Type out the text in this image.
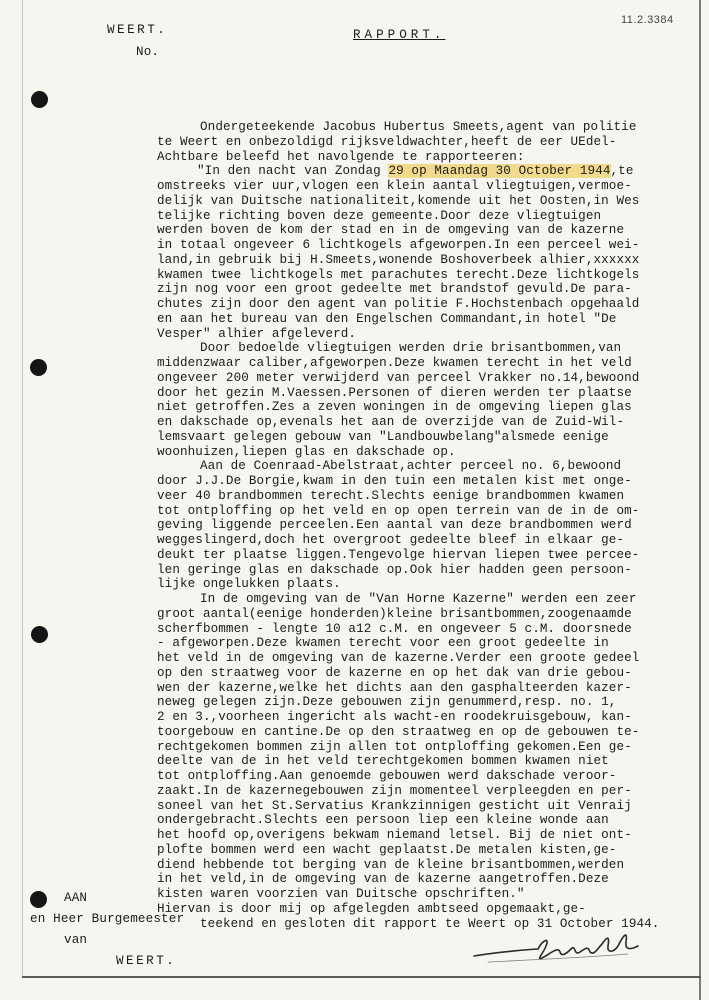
WEERT.
No.
RAPPORT.
11.2.3384
Ondergeteekende Jacobus Hubertus Smeets,agent van politie
te Weert en onbezoldigd rijksveldwachter,heeft de eer UEdel-
Achtbare beleefd het navolgende te rapporteeren:
"In den nacht van Zondag 29 op Maandag 30 October 1944,te
omstreeks vier uur,vlogen een klein aantal vliegtuigen,vermoe-
delijk van Duitsche nationaliteit,komende uit het Oosten,in Wes
telijke richting boven deze gemeente.Door deze vliegtuigen
werden boven de kom der stad en in de omgeving van de kazerne
in totaal ongeveer 6 lichtkogels afgeworpen.In een perceel wei-
land,in gebruik bij H.Smeets,wonende Boshoverbeek alhier,xxxxxx
kwamen twee lichtkogels met parachutes terecht.Deze lichtkogels
zijn nog voor een groot gedeelte met brandstof gevuld.De para-
chutes zijn door den agent van politie F.Hochstenbach opgehaald
en aan het bureau van den Engelschen Commandant,in hotel "De
Vesper" alhier afgeleverd.
Door bedoelde vliegtuigen werden drie brisantbommen,van
middenzwaar caliber,afgeworpen.Deze kwamen terecht in het veld
ongeveer 200 meter verwijderd van perceel Vrakker no.14,bewoond
door het gezin M.Vaessen.Personen of dieren werden ter plaatse
niet getroffen.Zes a zeven woningen in de omgeving liepen glas
en dakschade op,evenals het aan de overzijde van de Zuid-Wil-
lemsvaart gelegen gebouw van "Landbouwbelang"alsmede eenige
woonhuizen,liepen glas en dakschade op.
Aan de Coenraad-Abelstraat,achter perceel no. 6,bewoond
door J.J.De Borgie,kwam in den tuin een metalen kist met onge-
veer 40 brandbommen terecht.Slechts eenige brandbommen kwamen
tot ontploffing op het veld en op open terrein van de in de om-
geving liggende perceelen.Een aantal van deze brandbommen werd
weggeslingerd,doch het overgroot gedeelte bleef in elkaar ge-
deukt ter plaatse liggen.Tengevolge hiervan liepen twee perceе-
len geringe glas en dakschade op.Ook hier hadden geen persoon-
lijke ongelukken plaats.
In de omgeving van de "Van Horne Kazerne" werden een zeer
groot aantal(eenige honderden)kleine brisantbommen,zoogenaamde
scherfbommen - lengte 10 a12 c.M. en ongeveer 5 c.M. doorsnede
- afgeworpen.Deze kwamen terecht voor een groot gedeelte in
het veld in de omgeving van de kazerne.Verder een groote gedeel
op den straatweg voor de kazerne en op het dak van drie gebou-
wen der kazerne,welke het dichts aan den gasphalteerden kazer-
neweg gelegen zijn.Deze gebouwen zijn genummerd,resp. no. 1,
2 en 3.,voorheen ingericht als wacht-en roodekruisgebouw, kan-
toorgebouw en cantine.De op den straatweg en op de gebouwen te-
rechtgekomen bommen zijn allen tot ontploffing gekomen.Een ge-
deelte van de in het veld terechtgekomen bommen kwamen niet
tot ontploffing.Aan genoemde gebouwen werd dakschade veroor-
zaakt.In de kazernegebouwen zijn momenteel verpleegden en per-
soneel van het St.Servatius Krankzinnigen gesticht uit Venraij
ondergebracht.Slechts een persoon liep een kleine wonde aan
het hoofd op,overigens bekwam niemand letsel. Bij de niet ont-
plofte bommen werd een wacht geplaatst.De metalen kisten,ge-
diend hebbende tot berging van de kleine brisantbommen,werden
in het veld,in de omgeving van de kazerne aangetroffen.Deze
kisten waren voorzien van Duitsche opschriften."
Hiervan is door mij op afgelegden ambtseed opgemaakt,ge-
teekend en gesloten dit rapport te Weert op 31 October 1944.
AAN
en Heer Burgemeester
van
WEERT.
